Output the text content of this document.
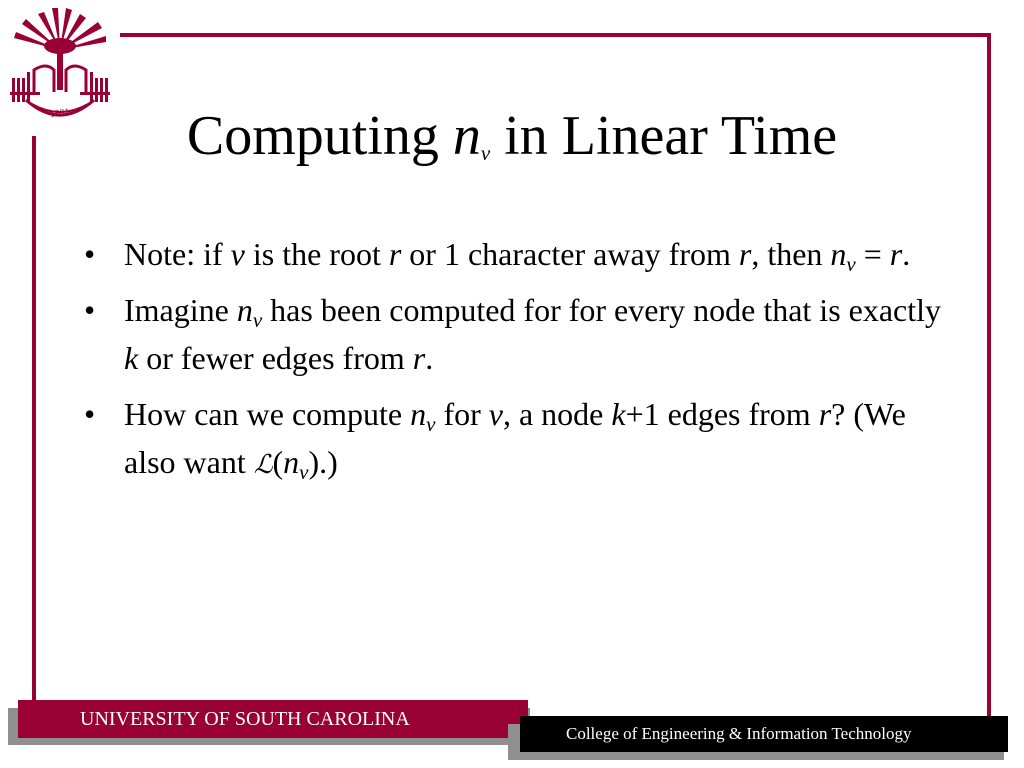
1801	Computing $n_v$ in Linear Time
• Note: if v is the root r or 1 character away from r, then $n_v = r$.
• Imagine $n_v$ has been computed for for every node that is exactly k or fewer edges from r.
• How can we compute $n_v$ for v, a node k+1 edges from r? (We also want $ℒ(n_v)$.)
UNIVERSITY OF SOUTH CAROLINA
College of Engineering & Information Technology
